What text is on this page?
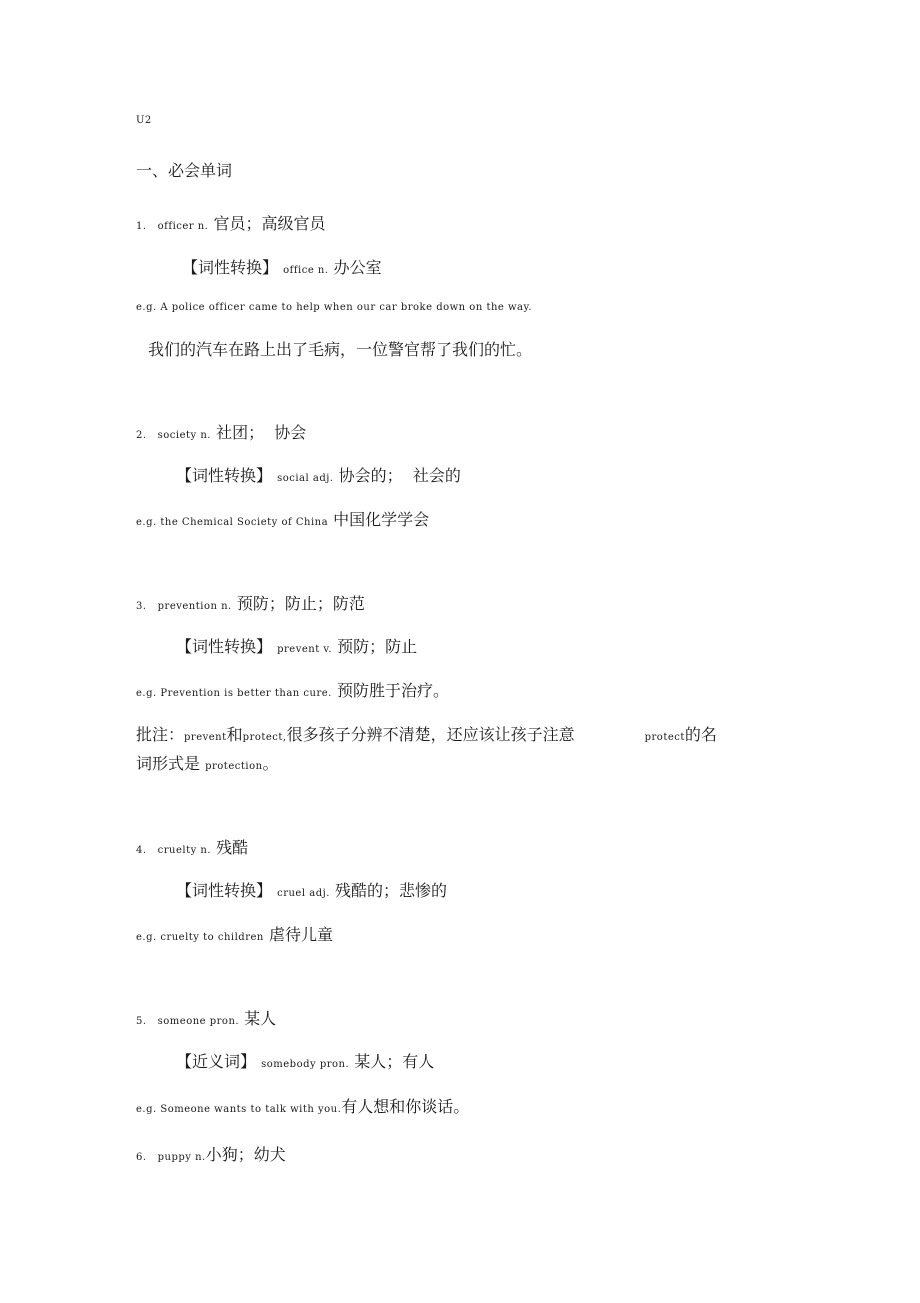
U2
一、必会单词
1. officer n. 官员；高级官员
【词性转换】 office n. 办公室
e.g. A police officer came to help when our car broke down on the way.
我们的汽车在路上出了毛病，一位警官帮了我们的忙。
2. society n. 社团；  协会
【词性转换】 social adj. 协会的；  社会的
e.g. the Chemical Society of China 中国化学学会
3. prevention n. 预防；防止；防范
【词性转换】 prevent v. 预防；防止
e.g. Prevention is better than cure. 预防胜于治疗。
批注：prevent和protect,很多孩子分辨不清楚，还应该让孩子注意	protect的名
词形式是 protection。
4. cruelty n. 残酷
【词性转换】 cruel adj. 残酷的；悲惨的
e.g. cruelty to children 虐待儿童
5. someone pron. 某人
【近义词】 somebody pron. 某人；有人
e.g. Someone wants to talk with you.有人想和你谈话。
6. puppy n.小狗；幼犬
